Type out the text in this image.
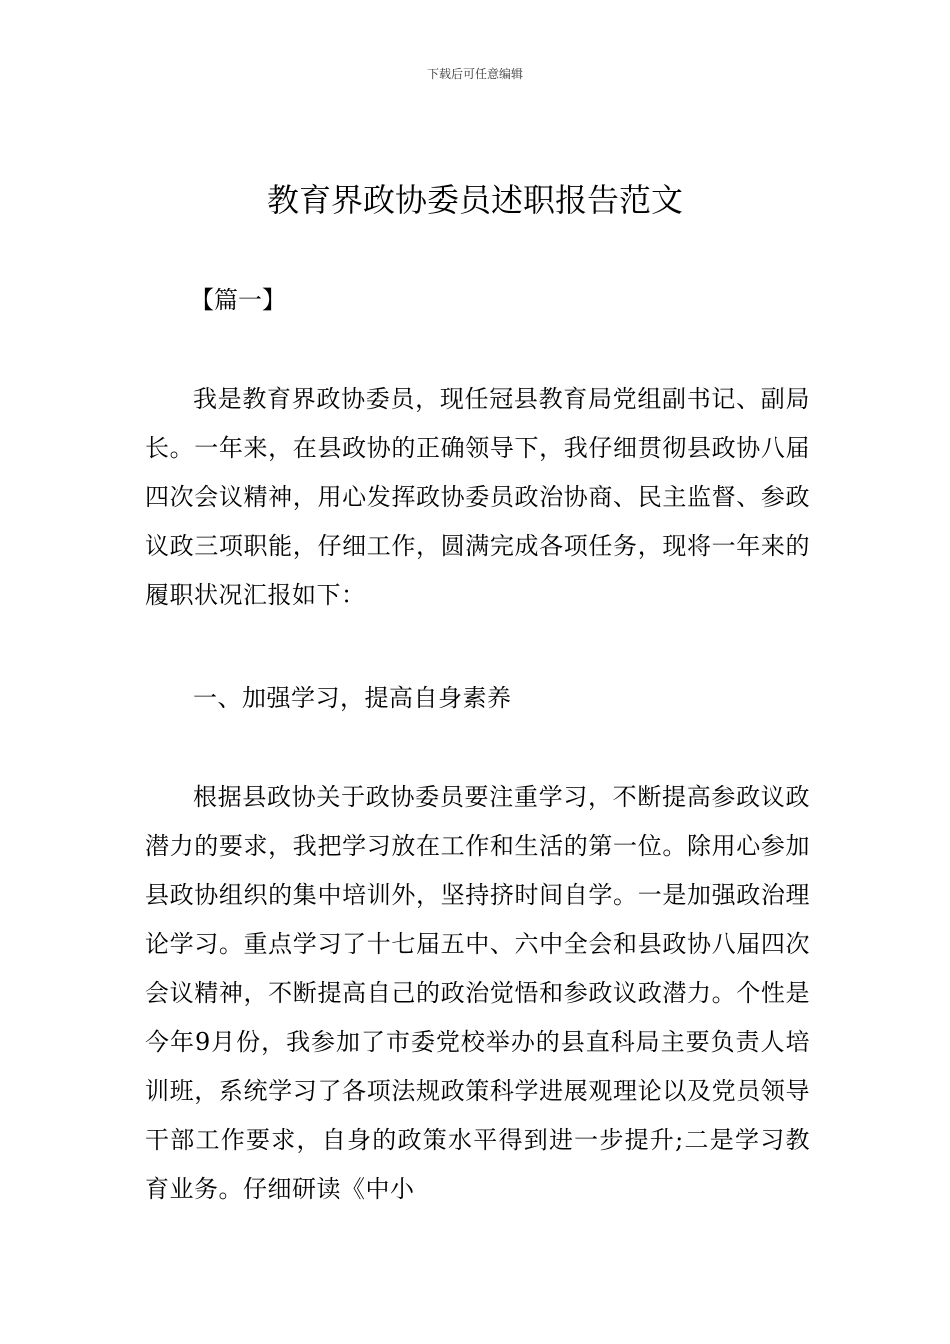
下载后可任意编辑
教育界政协委员述职报告范文
【篇一】

我是教育界政协委员，现任冠县教育局党组副书记、副局长。一年来，在县政协的正确领导下，我仔细贯彻县政协八届四次会议精神，用心发挥政协委员政治协商、民主监督、参政议政三项职能，仔细工作，圆满完成各项任务，现将一年来的履职状况汇报如下：

一、加强学习，提高自身素养

根据县政协关于政协委员要注重学习，不断提高参政议政潜力的要求，我把学习放在工作和生活的第一位。除用心参加县政协组织的集中培训外，坚持挤时间自学。一是加强政治理论学习。重点学习了十七届五中、六中全会和县政协八届四次会议精神，不断提高自己的政治觉悟和参政议政潜力。个性是今年9月份，我参加了市委党校举办的县直科局主要负责人培训班，系统学习了各项法规政策科学进展观理论以及党员领导干部工作要求，自身的政策水平得到进一步提升;二是学习教育业务。仔细研读《中小
